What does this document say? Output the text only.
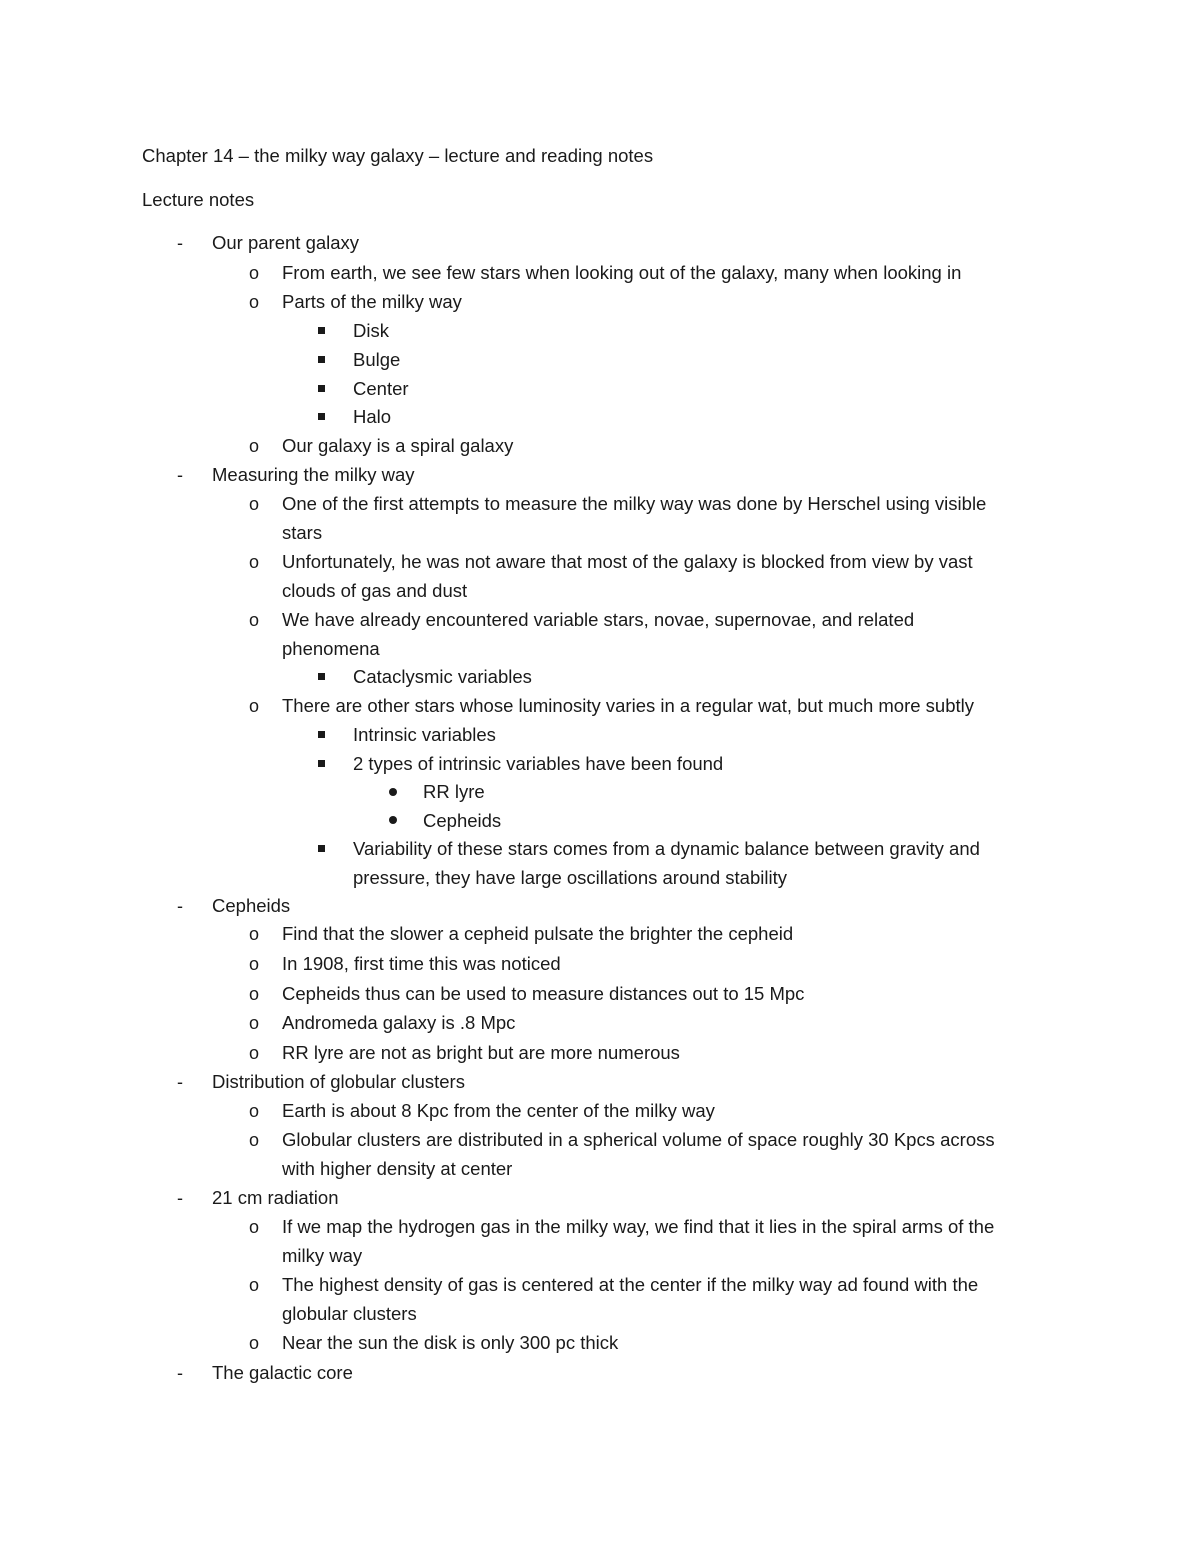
Chapter 14 – the milky way galaxy – lecture and reading notes
Lecture notes
-
-
-
-
-
-
o
o
o
o
o
o
o
o
o
o
o
o
o
o
o
o
o
Our parent galaxy
From earth, we see few stars when looking out of the galaxy, many when looking in
Parts of the milky way
Disk
Bulge
Center
Halo
Our galaxy is a spiral galaxy
Measuring the milky way
One of the first attempts to measure the milky way was done by Herschel using visible
stars
Unfortunately, he was not aware that most of the galaxy is blocked from view by vast
clouds of gas and dust
We have already encountered variable stars, novae, supernovae, and related
phenomena
Cataclysmic variables
There are other stars whose luminosity varies in a regular wat, but much more subtly
Intrinsic variables
2 types of intrinsic variables have been found
RR lyre
Cepheids
Variability of these stars comes from a dynamic balance between gravity and
pressure, they have large oscillations around stability
Cepheids
Find that the slower a cepheid pulsate the brighter the cepheid
In 1908, first time this was noticed
Cepheids thus can be used to measure distances out to 15 Mpc
Andromeda galaxy is .8 Mpc
RR lyre are not as bright but are more numerous
Distribution of globular clusters
Earth is about 8 Kpc from the center of the milky way
Globular clusters are distributed in a spherical volume of space roughly 30 Kpcs across
with higher density at center
21 cm radiation
If we map the hydrogen gas in the milky way, we find that it lies in the spiral arms of the
milky way
The highest density of gas is centered at the center if the milky way ad found with the
globular clusters
Near the sun the disk is only 300 pc thick
The galactic core
